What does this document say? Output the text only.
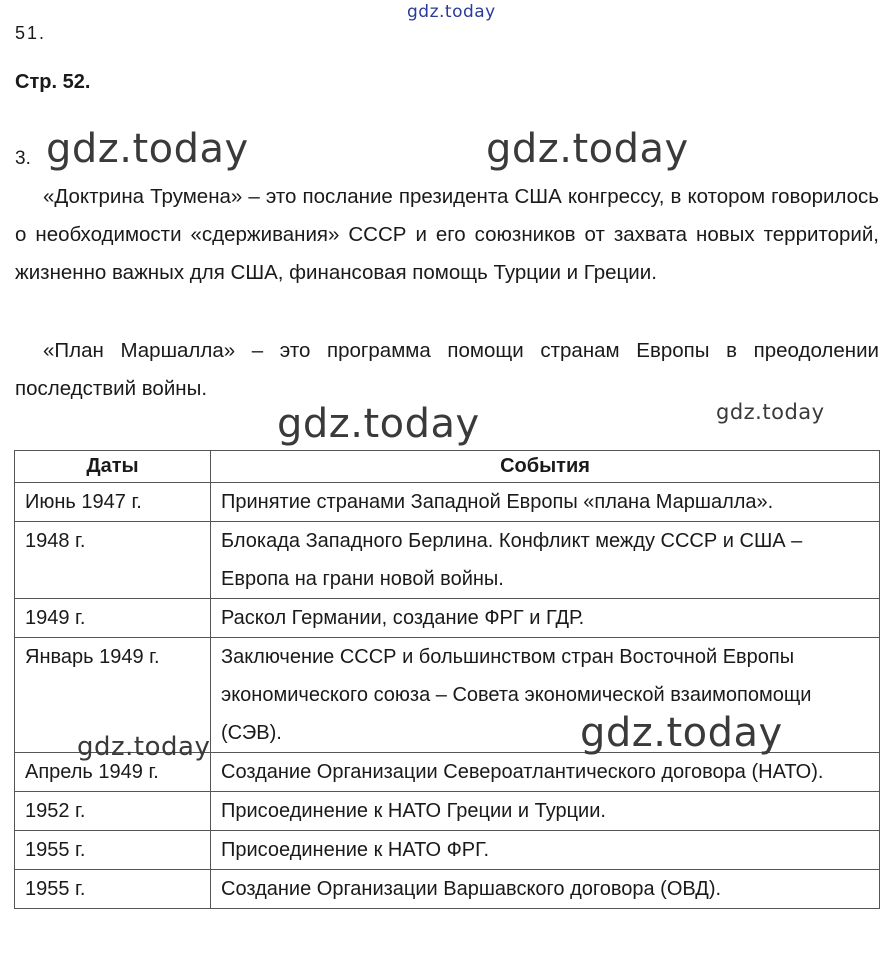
gdz.today
51.
Стр. 52.
3. gdz.today	gdz.today

«Доктрина Трумена» – это послание президента США конгрессу, в котором говорилось о необходимости «сдерживания» СССР и его союзников от захвата новых территорий, жизненно важных для США, финансовая помощь Турции и Греции.

«План Маршалла» – это программа помощи странам Европы в преодолении последствий войны.

gdz.today	gdz.today
Даты	События
Июнь 1947 г.	Принятие странами Западной Европы «плана Маршалла».
1948 г.	Блокада Западного Берлина. Конфликт между СССР и США – Европа на грани новой войны.
1949 г.	Раскол Германии, создание ФРГ и ГДР.
Январь 1949 г.	Заключение СССР и большинством стран Восточной Европы экономического союза – Совета экономической взаимопомощи (СЭВ).
Апрель 1949 г.	Создание Организации Североатлантического договора (НАТО).
1952 г.	Присоединение к НАТО Греции и Турции.
1955 г.	Присоединение к НАТО ФРГ.
1955 г.	Создание Организации Варшавского договора (ОВД).
gdz.today
gdz.today
